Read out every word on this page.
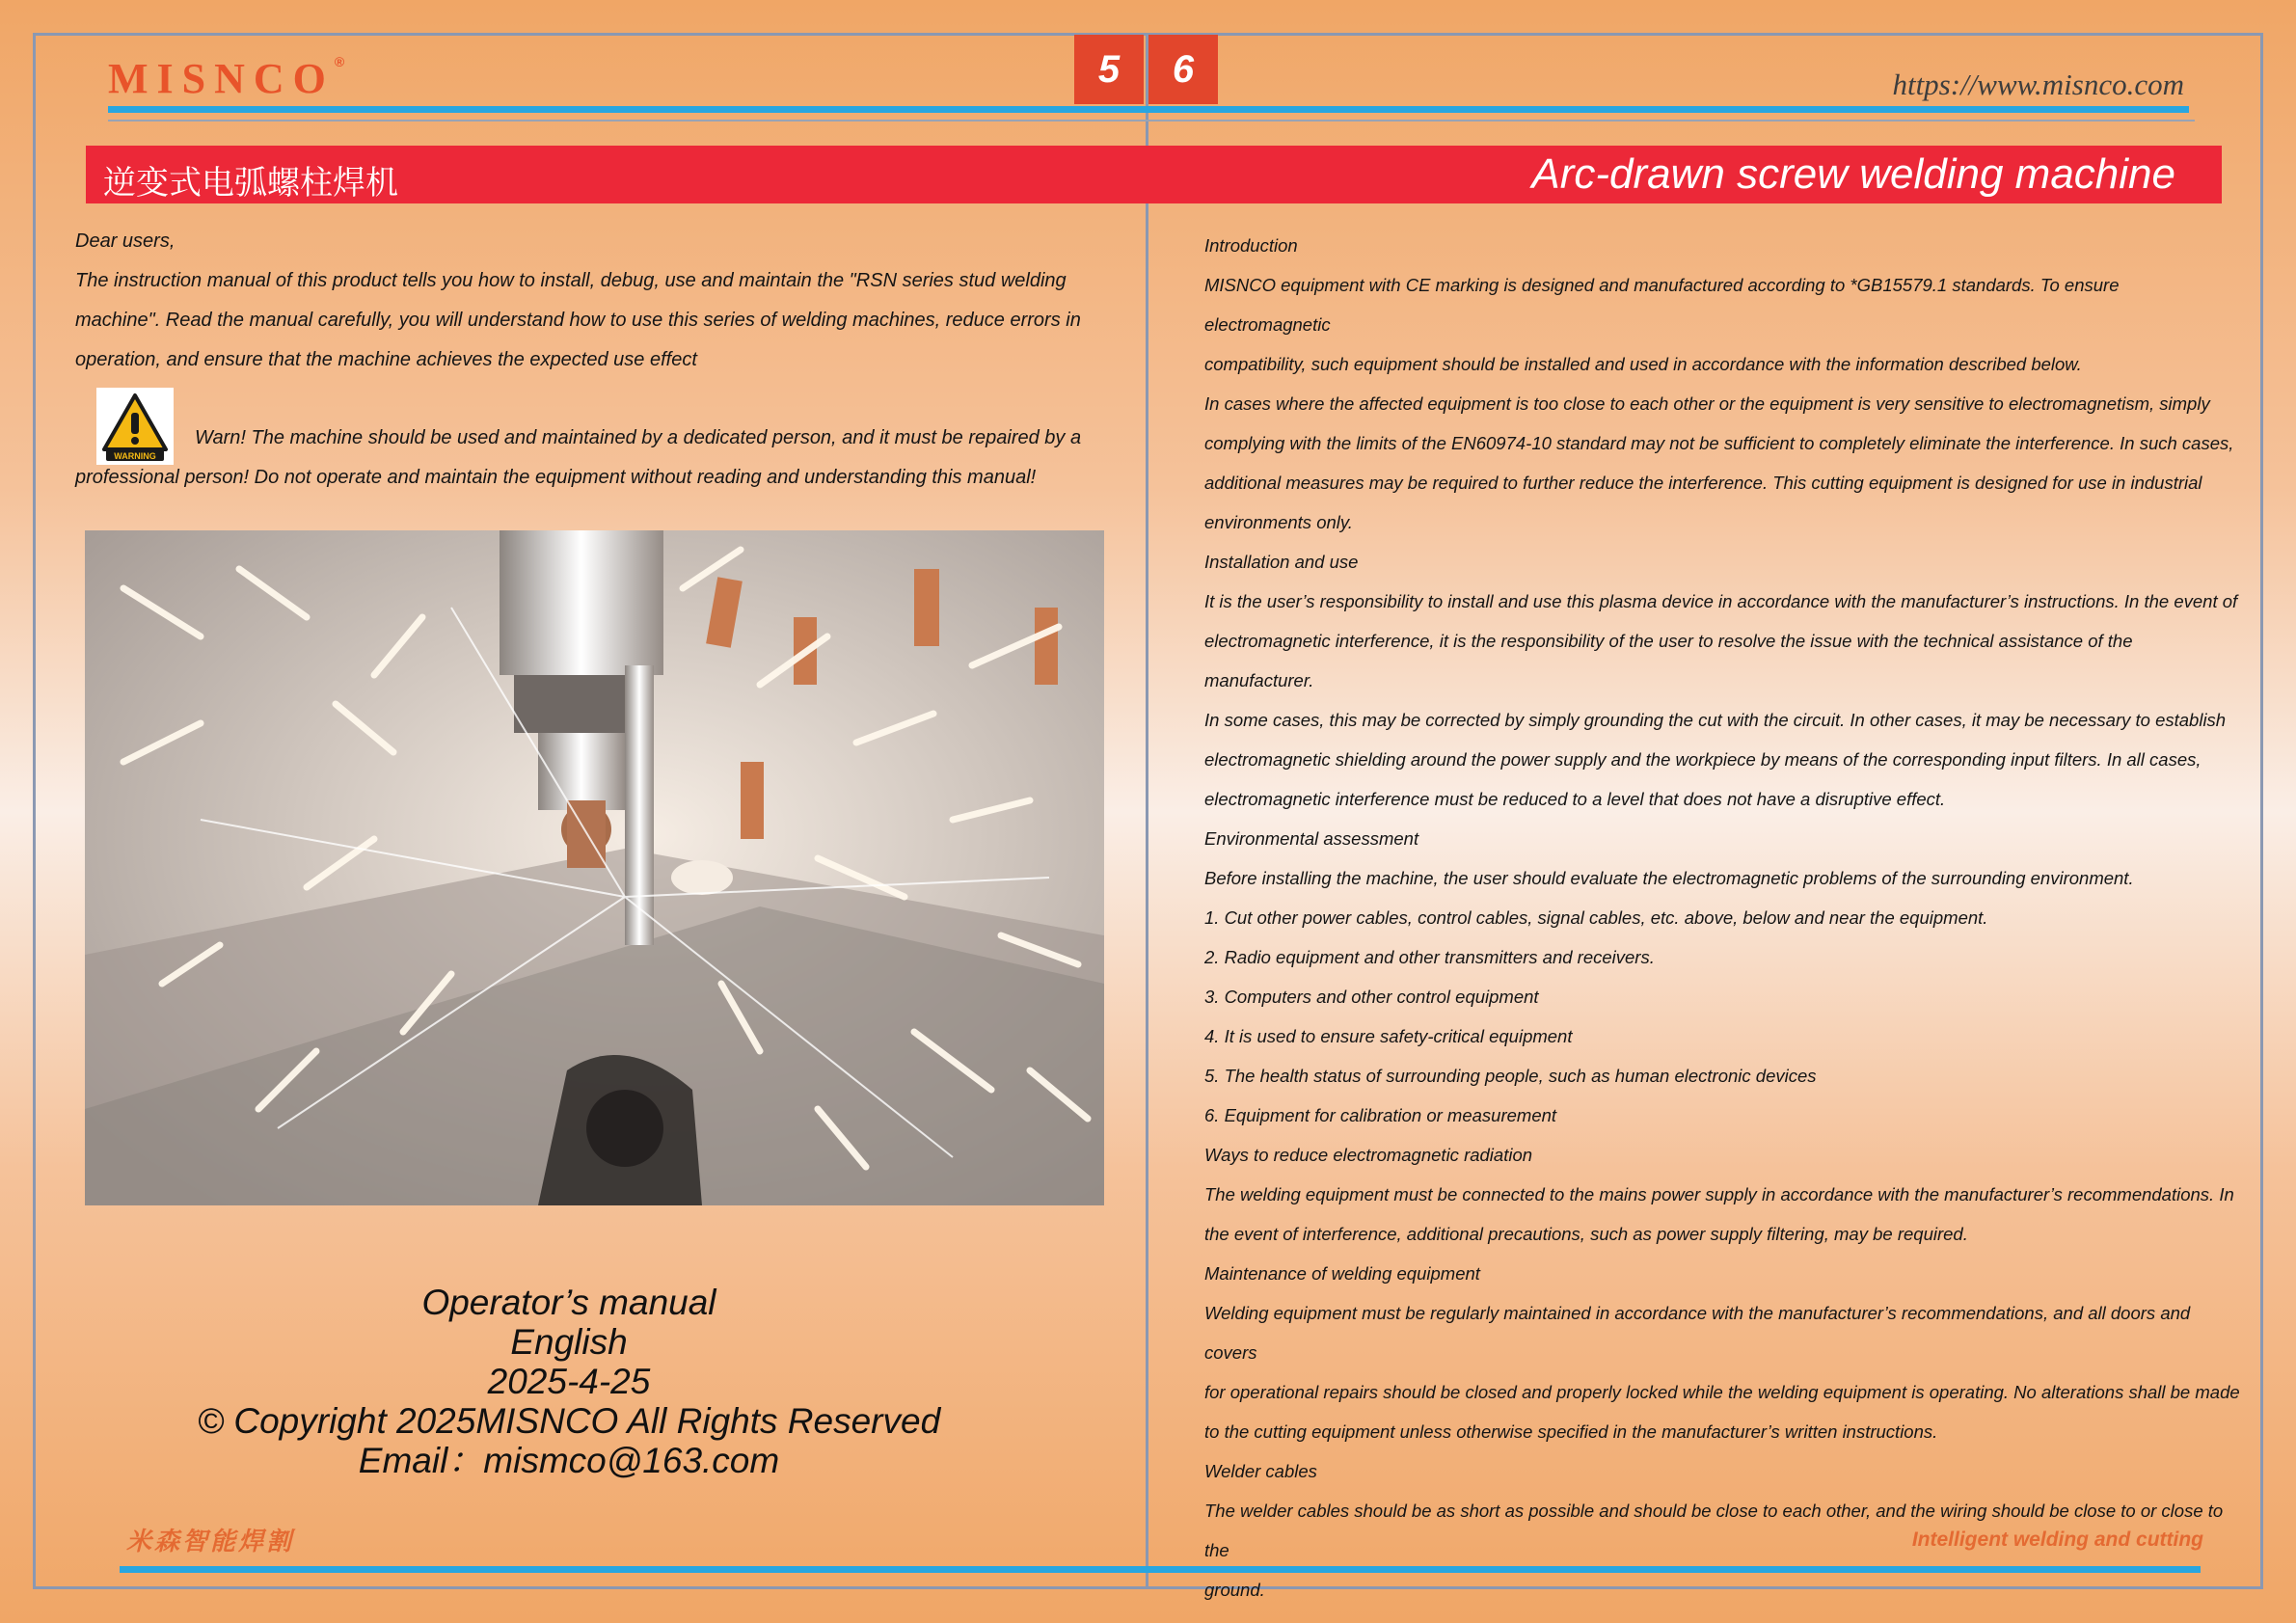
MISNCO®	5	6	https://www.misnco.com
逆变式电弧螺柱焊机	Arc-drawn screw welding machine

Dear users,

The instruction manual of this product tells you how to install, debug, use and maintain the "RSN series stud welding

machine". Read the manual carefully, you will understand how to use this series of welding machines, reduce errors in

operation, and ensure that the machine achieves the expected use effect

WARNING
Warn! The machine should be used and maintained by a dedicated person, and it must be repaired by a professional person! Do not operate and maintain the equipment without reading and understanding this manual!
Operator’s manual
English
2025-4-25
© Copyright 2025MISNCO All Rights Reserved
Email：mismco@163.com
米森智能焊割	Intelligent welding and cutting

Introduction

MISNCO equipment with CE marking is designed and manufactured according to *GB15579.1 standards. To ensure electromagnetic

compatibility, such equipment should be installed and used in accordance with the information described below.

In cases where the affected equipment is too close to each other or the equipment is very sensitive to electromagnetism, simply

complying with the limits of the EN60974-10 standard may not be sufficient to completely eliminate the interference. In such cases,

additional measures may be required to further reduce the interference. This cutting equipment is designed for use in industrial

environments only.

Installation and use

It is the user’s responsibility to install and use this plasma device in accordance with the manufacturer’s instructions. In the event of

electromagnetic interference, it is the responsibility of the user to resolve the issue with the technical assistance of the manufacturer.

In some cases, this may be corrected by simply grounding the cut with the circuit. In other cases, it may be necessary to establish

electromagnetic shielding around the power supply and the workpiece by means of the corresponding input filters. In all cases,

electromagnetic interference must be reduced to a level that does not have a disruptive effect.

Environmental assessment

Before installing the machine, the user should evaluate the electromagnetic problems of the surrounding environment.

1. Cut other power cables, control cables, signal cables, etc. above, below and near the equipment.

2. Radio equipment and other transmitters and receivers.

3. Computers and other control equipment

4. It is used to ensure safety-critical equipment

5. The health status of surrounding people, such as human electronic devices

6. Equipment for calibration or measurement

Ways to reduce electromagnetic radiation

The welding equipment must be connected to the mains power supply in accordance with the manufacturer’s recommendations. In

the event of interference, additional precautions, such as power supply filtering, may be required.

Maintenance of welding equipment

Welding equipment must be regularly maintained in accordance with the manufacturer’s recommendations, and all doors and covers

for operational repairs should be closed and properly locked while the welding equipment is operating. No alterations shall be made

to the cutting equipment unless otherwise specified in the manufacturer’s written instructions.

Welder cables

The welder cables should be as short as possible and should be close to each other, and the wiring should be close to or close to the

ground.
